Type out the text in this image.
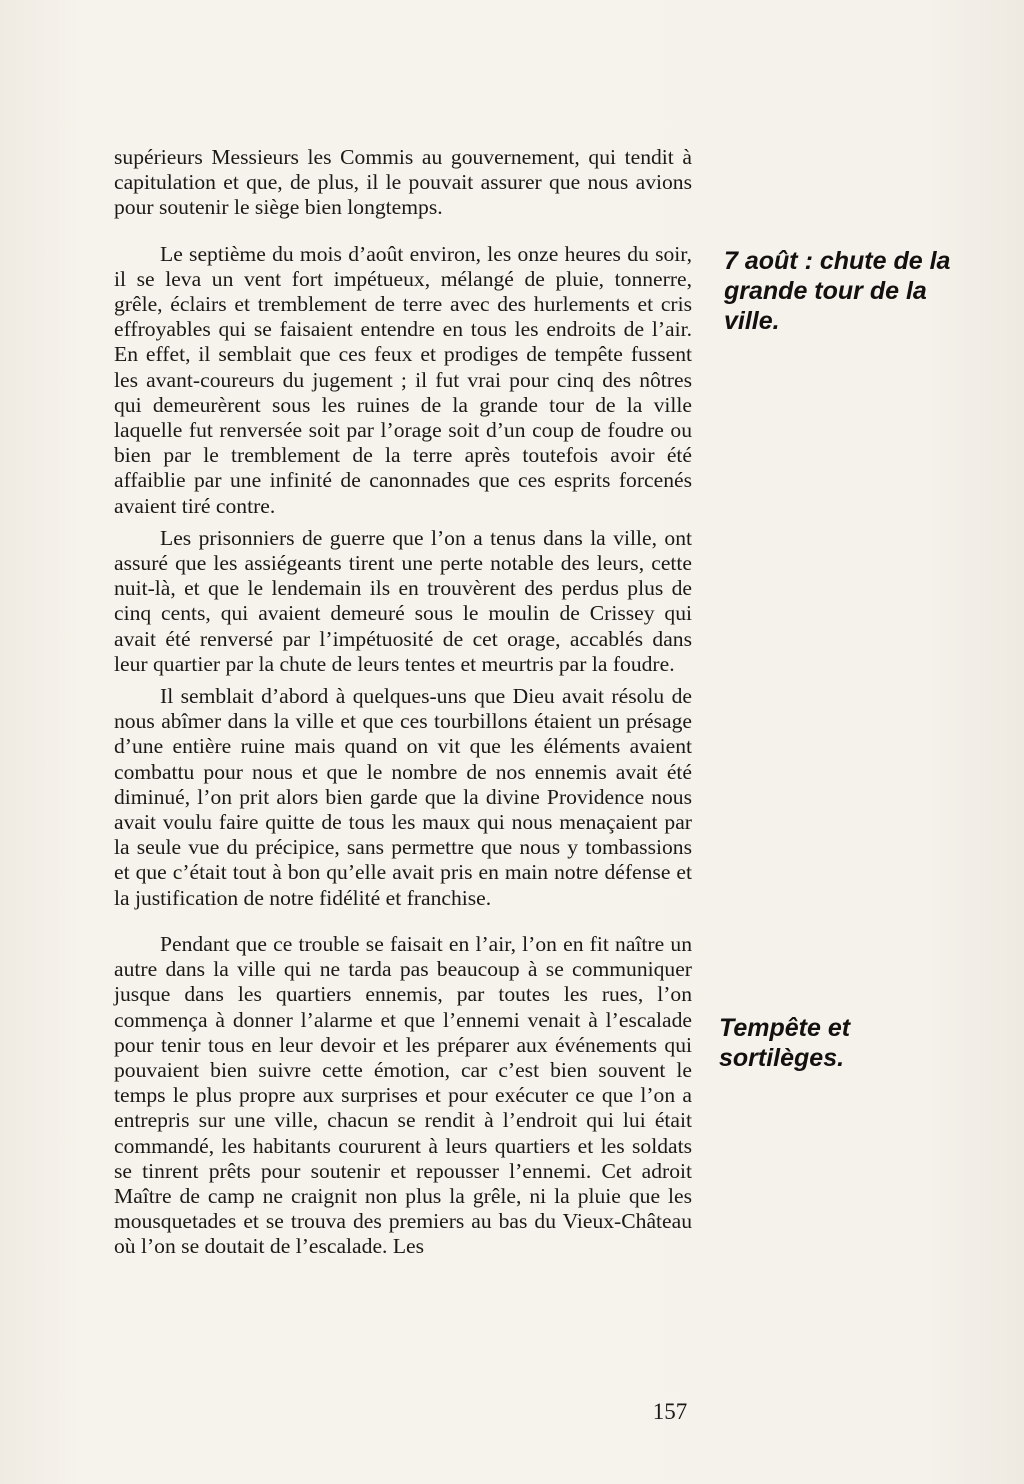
supérieurs Messieurs les Commis au gouvernement, qui tendit à capitulation et que, de plus, il le pouvait assurer que nous avions pour soutenir le siège bien longtemps.

Le septième du mois d’août environ, les onze heures du soir, il se leva un vent fort impétueux, mélangé de pluie, tonnerre, grêle, éclairs et tremblement de terre avec des hurlements et cris effroyables qui se faisaient entendre en tous les endroits de l’air. En effet, il semblait que ces feux et prodiges de tempête fussent les avant-coureurs du jugement ; il fut vrai pour cinq des nôtres qui demeurèrent sous les ruines de la grande tour de la ville laquelle fut renversée soit par l’orage soit d’un coup de foudre ou bien par le tremblement de la terre après toutefois avoir été affaiblie par une infinité de canonnades que ces esprits forcenés avaient tiré contre.

Les prisonniers de guerre que l’on a tenus dans la ville, ont assuré que les assiégeants tirent une perte notable des leurs, cette nuit-là, et que le lendemain ils en trouvèrent des perdus plus de cinq cents, qui avaient demeuré sous le moulin de Crissey qui avait été renversé par l’impétuosité de cet orage, accablés dans leur quartier par la chute de leurs tentes et meurtris par la foudre.

Il semblait d’abord à quelques-uns que Dieu avait résolu de nous abîmer dans la ville et que ces tourbillons étaient un présage d’une entière ruine mais quand on vit que les éléments avaient combattu pour nous et que le nombre de nos ennemis avait été diminué, l’on prit alors bien garde que la divine Providence nous avait voulu faire quitte de tous les maux qui nous menaçaient par la seule vue du précipice, sans permettre que nous y tombassions et que c’était tout à bon qu’elle avait pris en main notre défense et la justification de notre fidélité et franchise.

Pendant que ce trouble se faisait en l’air, l’on en fit naître un autre dans la ville qui ne tarda pas beaucoup à se communiquer jusque dans les quartiers ennemis, par toutes les rues, l’on commença à donner l’alarme et que l’ennemi venait à l’escalade pour tenir tous en leur devoir et les préparer aux événements qui pouvaient bien suivre cette émotion, car c’est bien souvent le temps le plus propre aux surprises et pour exécuter ce que l’on a entrepris sur une ville, chacun se rendit à l’endroit qui lui était commandé, les habitants coururent à leurs quartiers et les soldats se tinrent prêts pour soutenir et repousser l’ennemi. Cet adroit Maître de camp ne craignit non plus la grêle, ni la pluie que les mousquetades et se trouva des premiers au bas du Vieux-Château où l’on se doutait de l’escalade. Les

7 août : chute de la grande tour de la ville.

Tempête et sortilèges.

157
